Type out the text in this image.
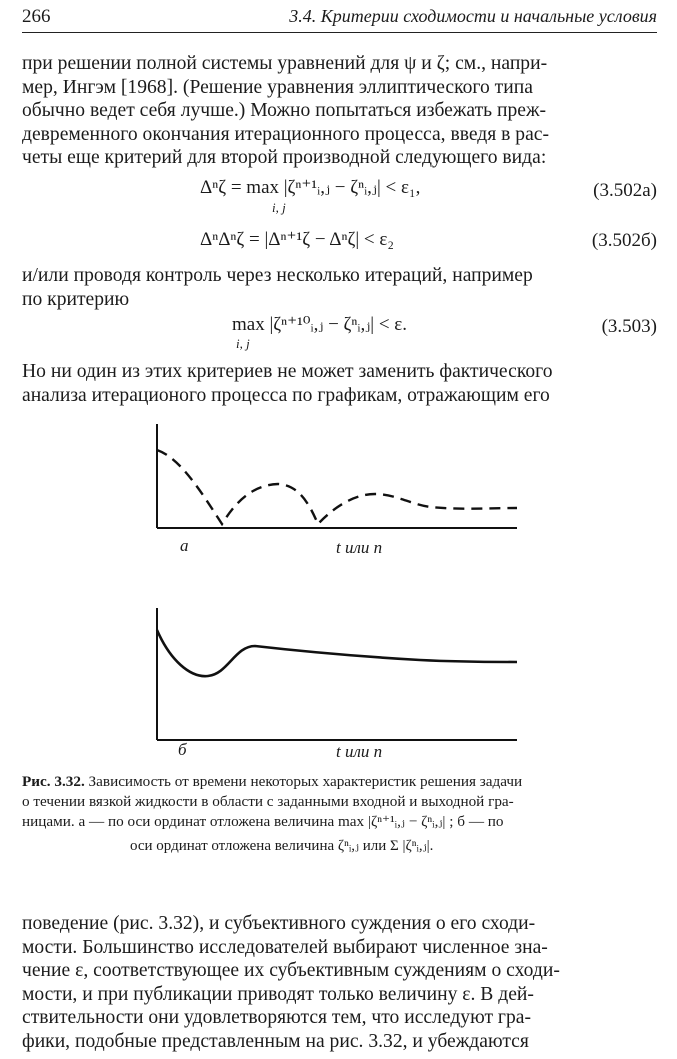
266	3.4. Критерии сходимости и начальные условия
при решении полной системы уравнений для ψ и ζ; см., напри-
мер, Ингэм [1968]. (Решение уравнения эллиптического типа
обычно ведет себя лучше.) Можно попытаться избежать преж-
девременного окончания итерационного процесса, введя в рас-
четы еще критерий для второй производной следующего вида:
Δⁿζ = max |ζⁿ⁺¹ᵢ,ⱼ − ζⁿᵢ,ⱼ| < ε₁,
i, j
(3.502а)
ΔⁿΔⁿζ = |Δⁿ⁺¹ζ − Δⁿζ| < ε₂	(3.502б)
и/или проводя контроль через несколько итераций, например
по критерию
max |ζⁿ⁺¹⁰ᵢ,ⱼ − ζⁿᵢ,ⱼ| < ε.
i, j
(3.503)
Но ни один из этих критериев не может заменить фактического
анализа итерационого процесса по графикам, отражающим его
а	t или n
б	t или n
Рис. 3.32. Зависимость от времени некоторых характеристик решения задачи
о течении вязкой жидкости в области с заданными входной и выходной гра-
ницами. а — по оси ординат отложена величина max |ζⁿ⁺¹ᵢ,ⱼ − ζⁿᵢ,ⱼ| ; б — по
оси ординат отложена величина ζⁿᵢ,ⱼ или Σ |ζⁿᵢ,ⱼ|.
поведение (рис. 3.32), и субъективного суждения о его сходи-
мости. Большинство исследователей выбирают численное зна-
чение ε, соответствующее их субъективным суждениям о сходи-
мости, и при публикации приводят только величину ε. В дей-
ствительности они удовлетворяются тем, что исследуют гра-
фики, подобные представленным на рис. 3.32, и убеждаются
